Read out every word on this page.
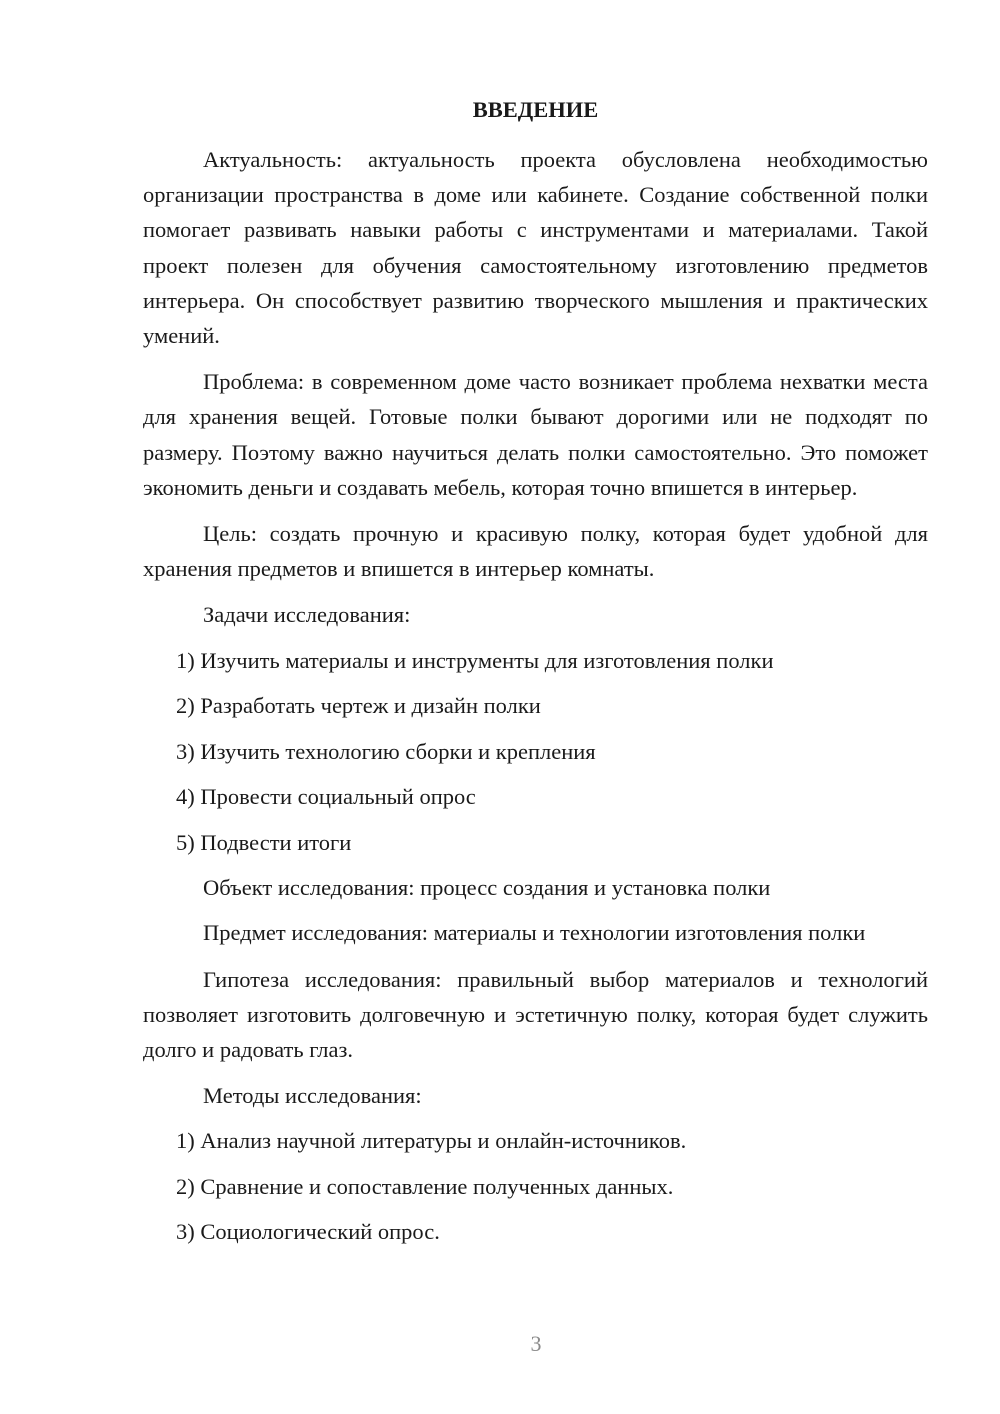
ВВЕДЕНИЕ

Актуальность: актуальность проекта обусловлена необходимостью организации пространства в доме или кабинете. Создание собственной полки помогает развивать навыки работы с инструментами и материалами. Такой проект полезен для обучения самостоятельному изготовлению предметов интерьера. Он способствует развитию творческого мышления и практических умений.

Проблема: в современном доме часто возникает проблема нехватки места для хранения вещей. Готовые полки бывают дорогими или не подходят по размеру. Поэтому важно научиться делать полки самостоятельно. Это поможет экономить деньги и создавать мебель, которая точно впишется в интерьер.

Цель: создать прочную и красивую полку, которая будет удобной для хранения предметов и впишется в интерьер комнаты.

Задачи исследования:
1) Изучить материалы и инструменты для изготовления полки
2) Разработать чертеж и дизайн полки
3) Изучить технологию сборки и крепления
4) Провести социальный опрос
5) Подвести итоги
Объект исследования: процесс создания и установка полки

Предмет исследования: материалы и технологии изготовления полки

Гипотеза исследования: правильный выбор материалов и технологий позволяет изготовить долговечную и эстетичную полку, которая будет служить долго и радовать глаз.

Методы исследования:
1) Анализ научной литературы и онлайн-источников.
2) Сравнение и сопоставление полученных данных.
3) Социологический опрос.
3
